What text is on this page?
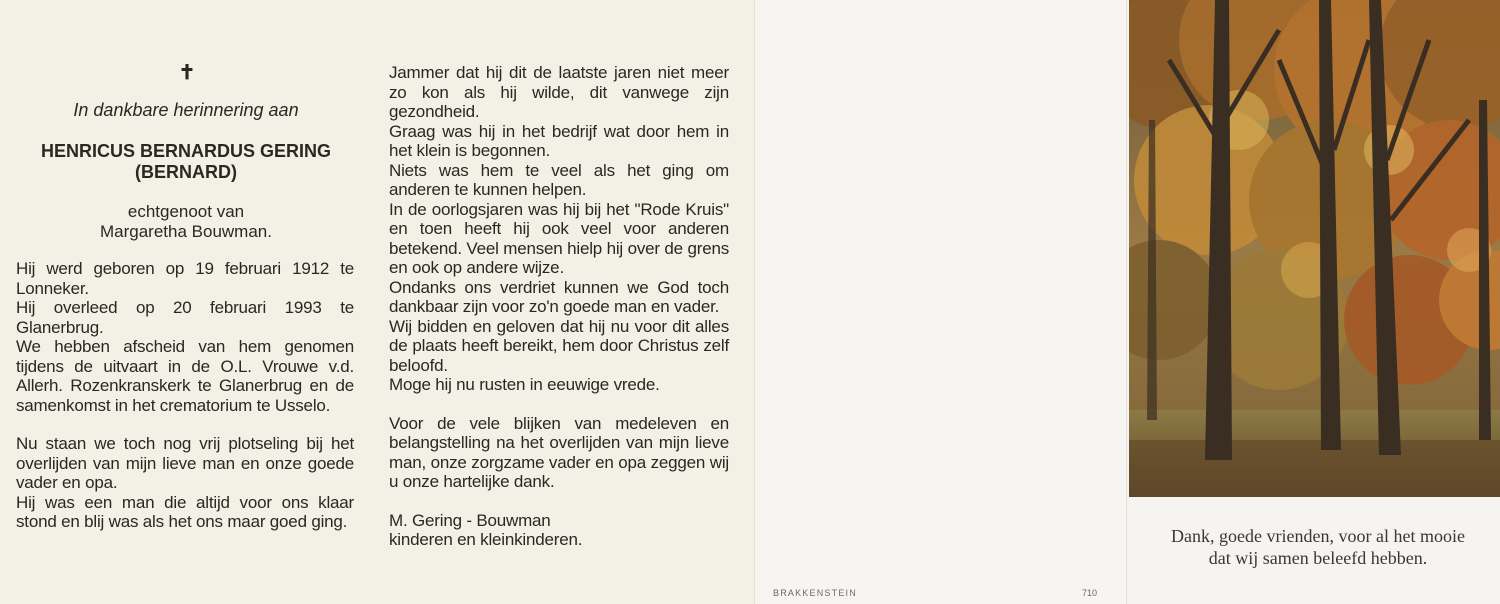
✝
In dankbare herinnering aan
HENRICUS BERNARDUS GERING
(BERNARD)
echtgenoot van
Margaretha Bouwman.

Hij werd geboren op 19 februari 1912 te Lonneker.

Hij overleed op 20 februari 1993 te Glanerbrug.

We hebben afscheid van hem genomen tijdens de uitvaart in de O.L. Vrouwe v.d. Allerh. Rozenkranskerk te Glanerbrug en de samenkomst in het crematorium te Usselo.

Nu staan we toch nog vrij plotseling bij het overlijden van mijn lieve man en onze goede vader en opa.

Hij was een man die altijd voor ons klaar stond en blij was als het ons maar goed ging.

Jammer dat hij dit de laatste jaren niet meer zo kon als hij wilde, dit vanwege zijn gezondheid.

Graag was hij in het bedrijf wat door hem in het klein is begonnen.

Niets was hem te veel als het ging om anderen te kunnen helpen.

In de oorlogsjaren was hij bij het "Rode Kruis" en toen heeft hij ook veel voor anderen betekend. Veel mensen hielp hij over de grens en ook op andere wijze.

Ondanks ons verdriet kunnen we God toch dankbaar zijn voor zo'n goede man en vader.

Wij bidden en geloven dat hij nu voor dit alles de plaats heeft bereikt, hem door Christus zelf beloofd.

Moge hij nu rusten in eeuwige vrede.

Voor de vele blijken van medeleven en belangstelling na het overlijden van mijn lieve man, onze zorgzame vader en opa zeggen wij u onze hartelijke dank.

M. Gering - Bouwman

kinderen en kleinkinderen.

BRAKKENSTEIN	710
Dank, goede vrienden, voor al het mooie
dat wij samen beleefd hebben.
